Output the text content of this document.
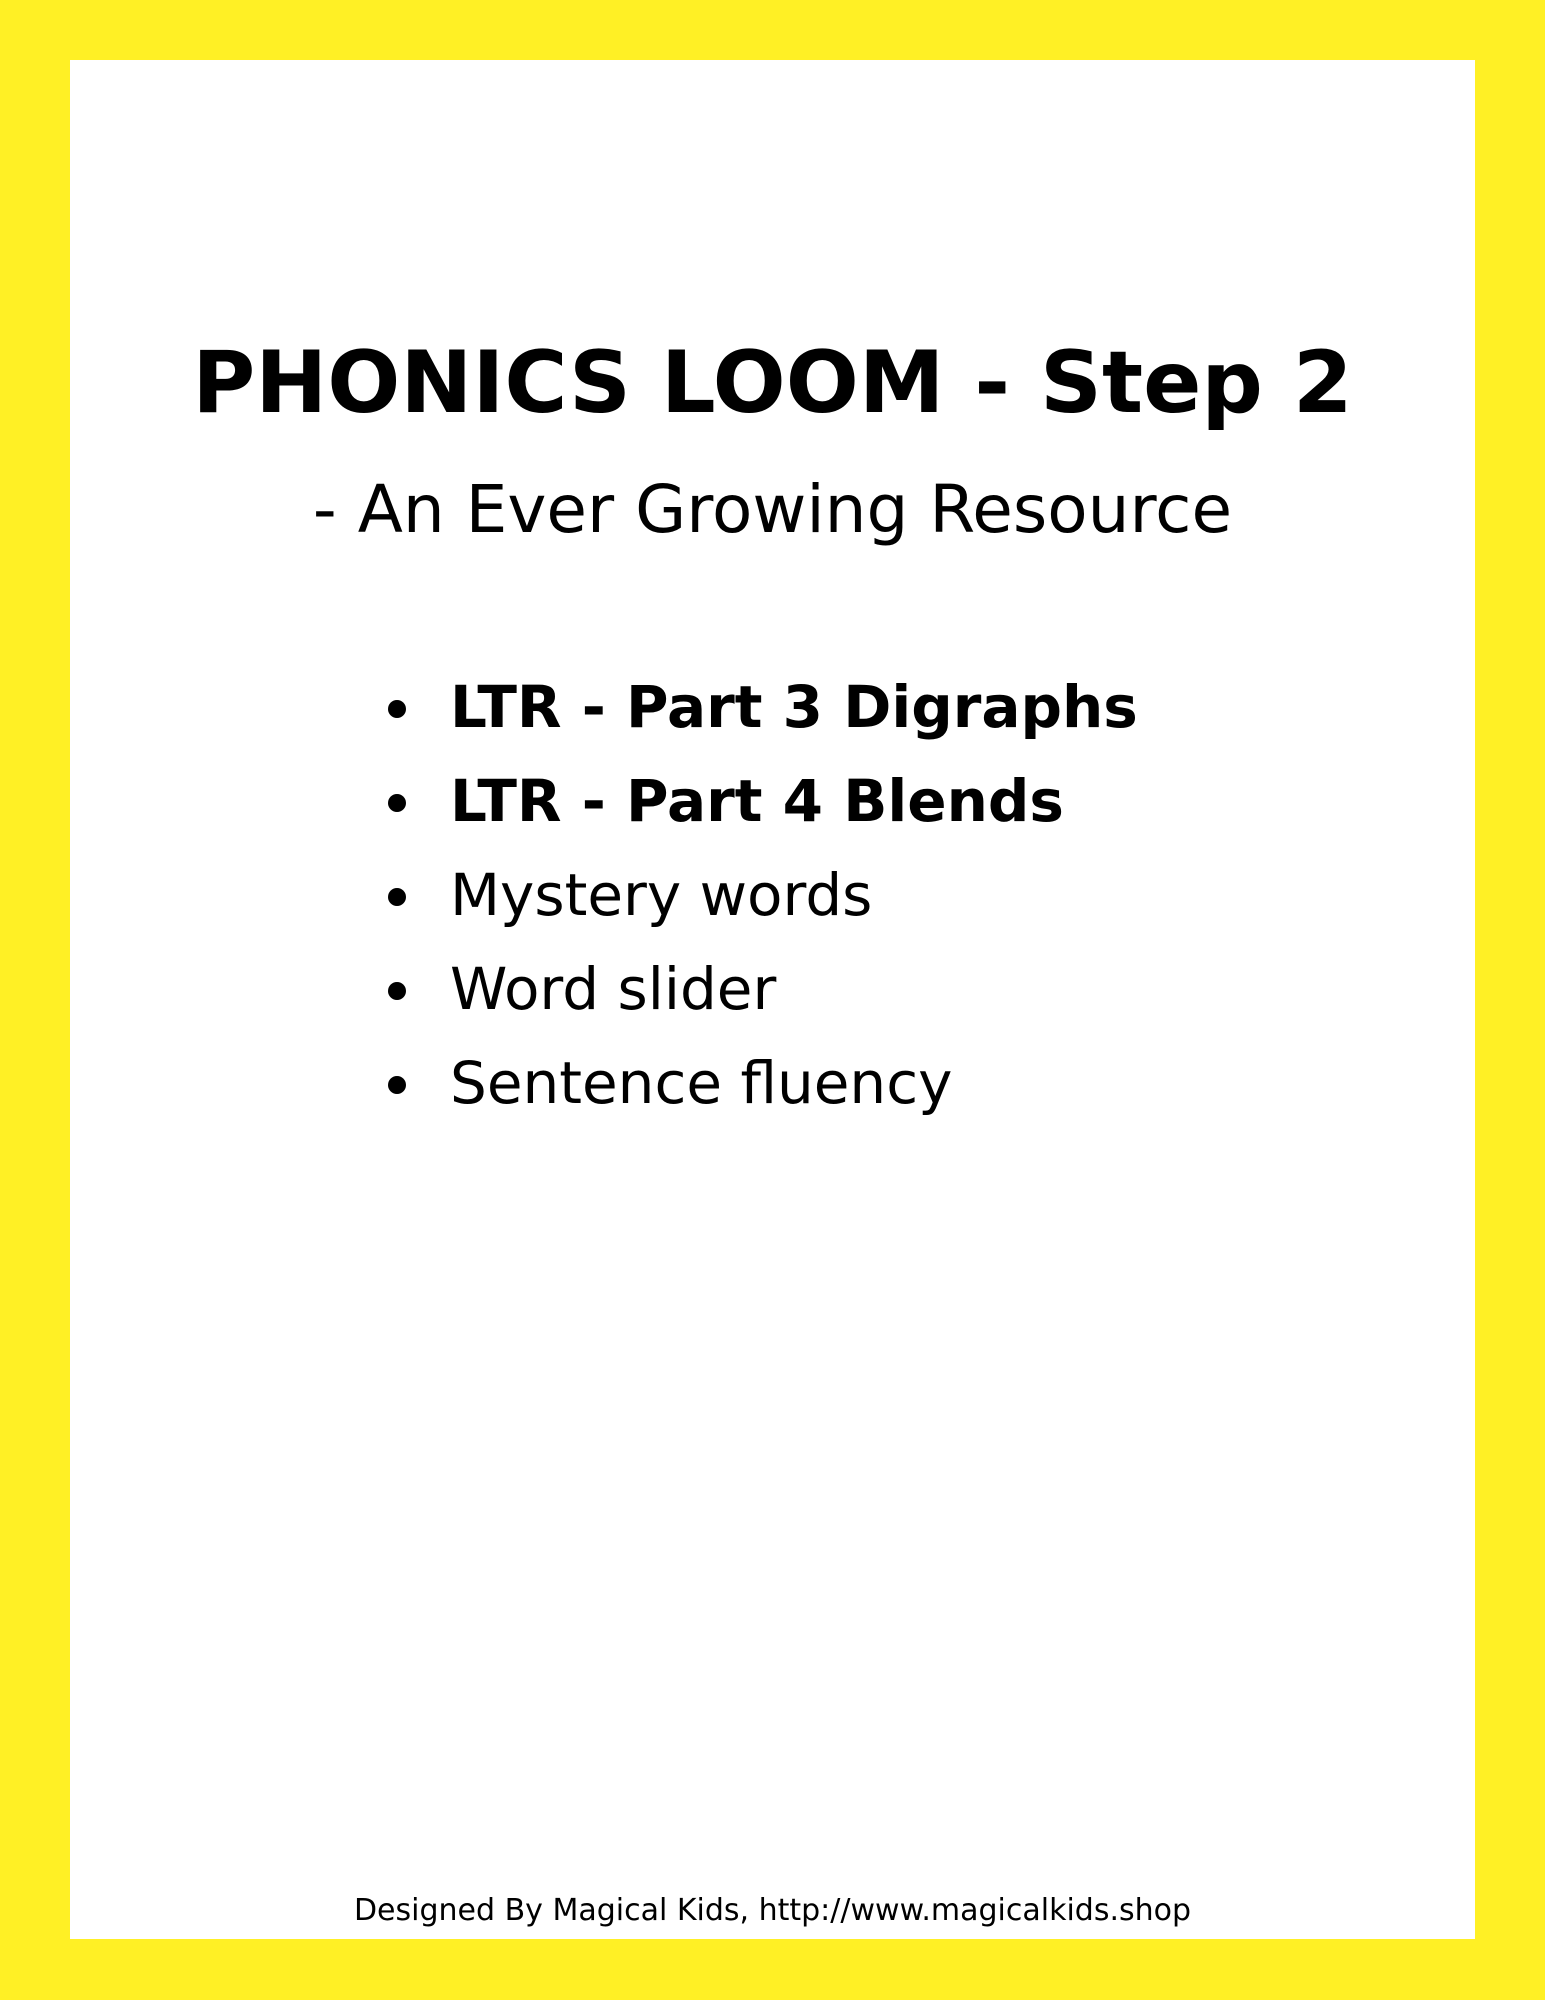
PHONICS LOOM - Step 2
- An Ever Growing Resource
LTR - Part 3 Digraphs
LTR - Part 4 Blends
Mystery words
Word slider
Sentence fluency
Designed By Magical Kids, http://www.magicalkids.shop
